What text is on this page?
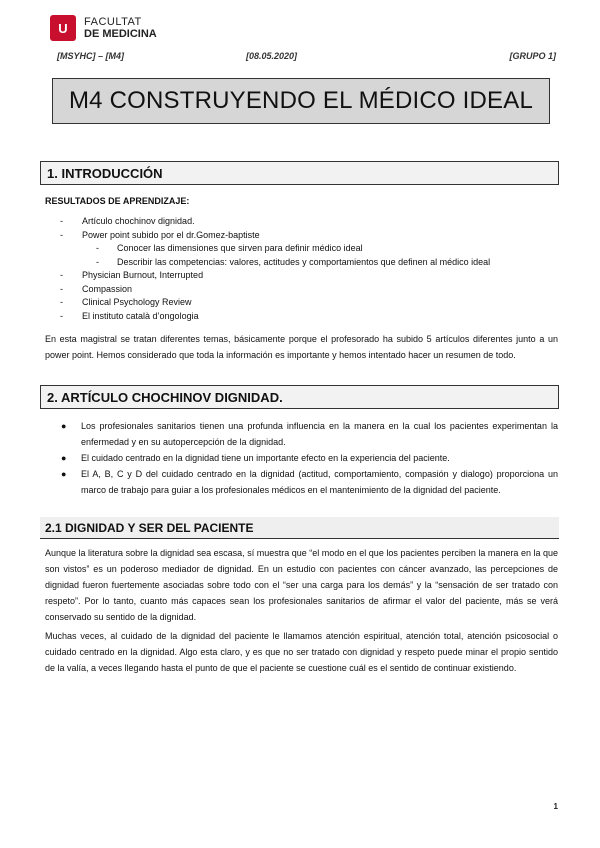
U	FACULTAT
DE MEDICINA
[MSYHC] – [M4]	[08.05.2020]	[GRUPO 1]
M4 CONSTRUYENDO EL MÉDICO IDEAL
1. INTRODUCCIÓN
RESULTADOS DE APRENDIZAJE:
- Artículo chochinov dignidad.
- Power point subido por el dr.Gomez-baptiste
- Conocer las dimensiones que sirven para definir médico ideal
- Describir las competencias: valores, actitudes y comportamientos que definen al médico ideal
- Physician Burnout, Interrupted
- Compassion
- Clinical Psychology Review
- El instituto català d’ongologia

En esta magistral se tratan diferentes temas, básicamente porque el profesorado ha subido 5 artículos diferentes junto a un power point. Hemos considerado que toda la información es importante y hemos intentado hacer un resumen de todo.

2. ARTÍCULO CHOCHINOV DIGNIDAD.
● Los profesionales sanitarios tienen una profunda influencia en la manera en la cual los pacientes experimentan la enfermedad y en su autopercepción de la dignidad.
● El cuidado centrado en la dignidad tiene un importante efecto en la experiencia del paciente.
● El A, B, C y D del cuidado centrado en la dignidad (actitud, comportamiento, compasión y dialogo) proporciona un marco de trabajo para guiar a los profesionales médicos en el mantenimiento de la dignidad del paciente.
2.1 DIGNIDAD Y SER DEL PACIENTE

Aunque la literatura sobre la dignidad sea escasa, sí muestra que “el modo en el que los pacientes perciben la manera en la que son vistos” es un poderoso mediador de dignidad. En un estudio con pacientes con cáncer avanzado, las percepciones de dignidad fueron fuertemente asociadas sobre todo con el “ser una carga para los demás” y la “sensación de ser tratado con respeto”. Por lo tanto, cuanto más capaces sean los profesionales sanitarios de afirmar el valor del paciente, más se verá conservado su sentido de la dignidad.

Muchas veces, al cuidado de la dignidad del paciente le llamamos atención espiritual, atención total, atención psicosocial o cuidado centrado en la dignidad. Algo esta claro, y es que no ser tratado con dignidad y respeto puede minar el propio sentido de la valía, a veces llegando hasta el punto de que el paciente se cuestione cuál es el sentido de continuar existiendo.

1
